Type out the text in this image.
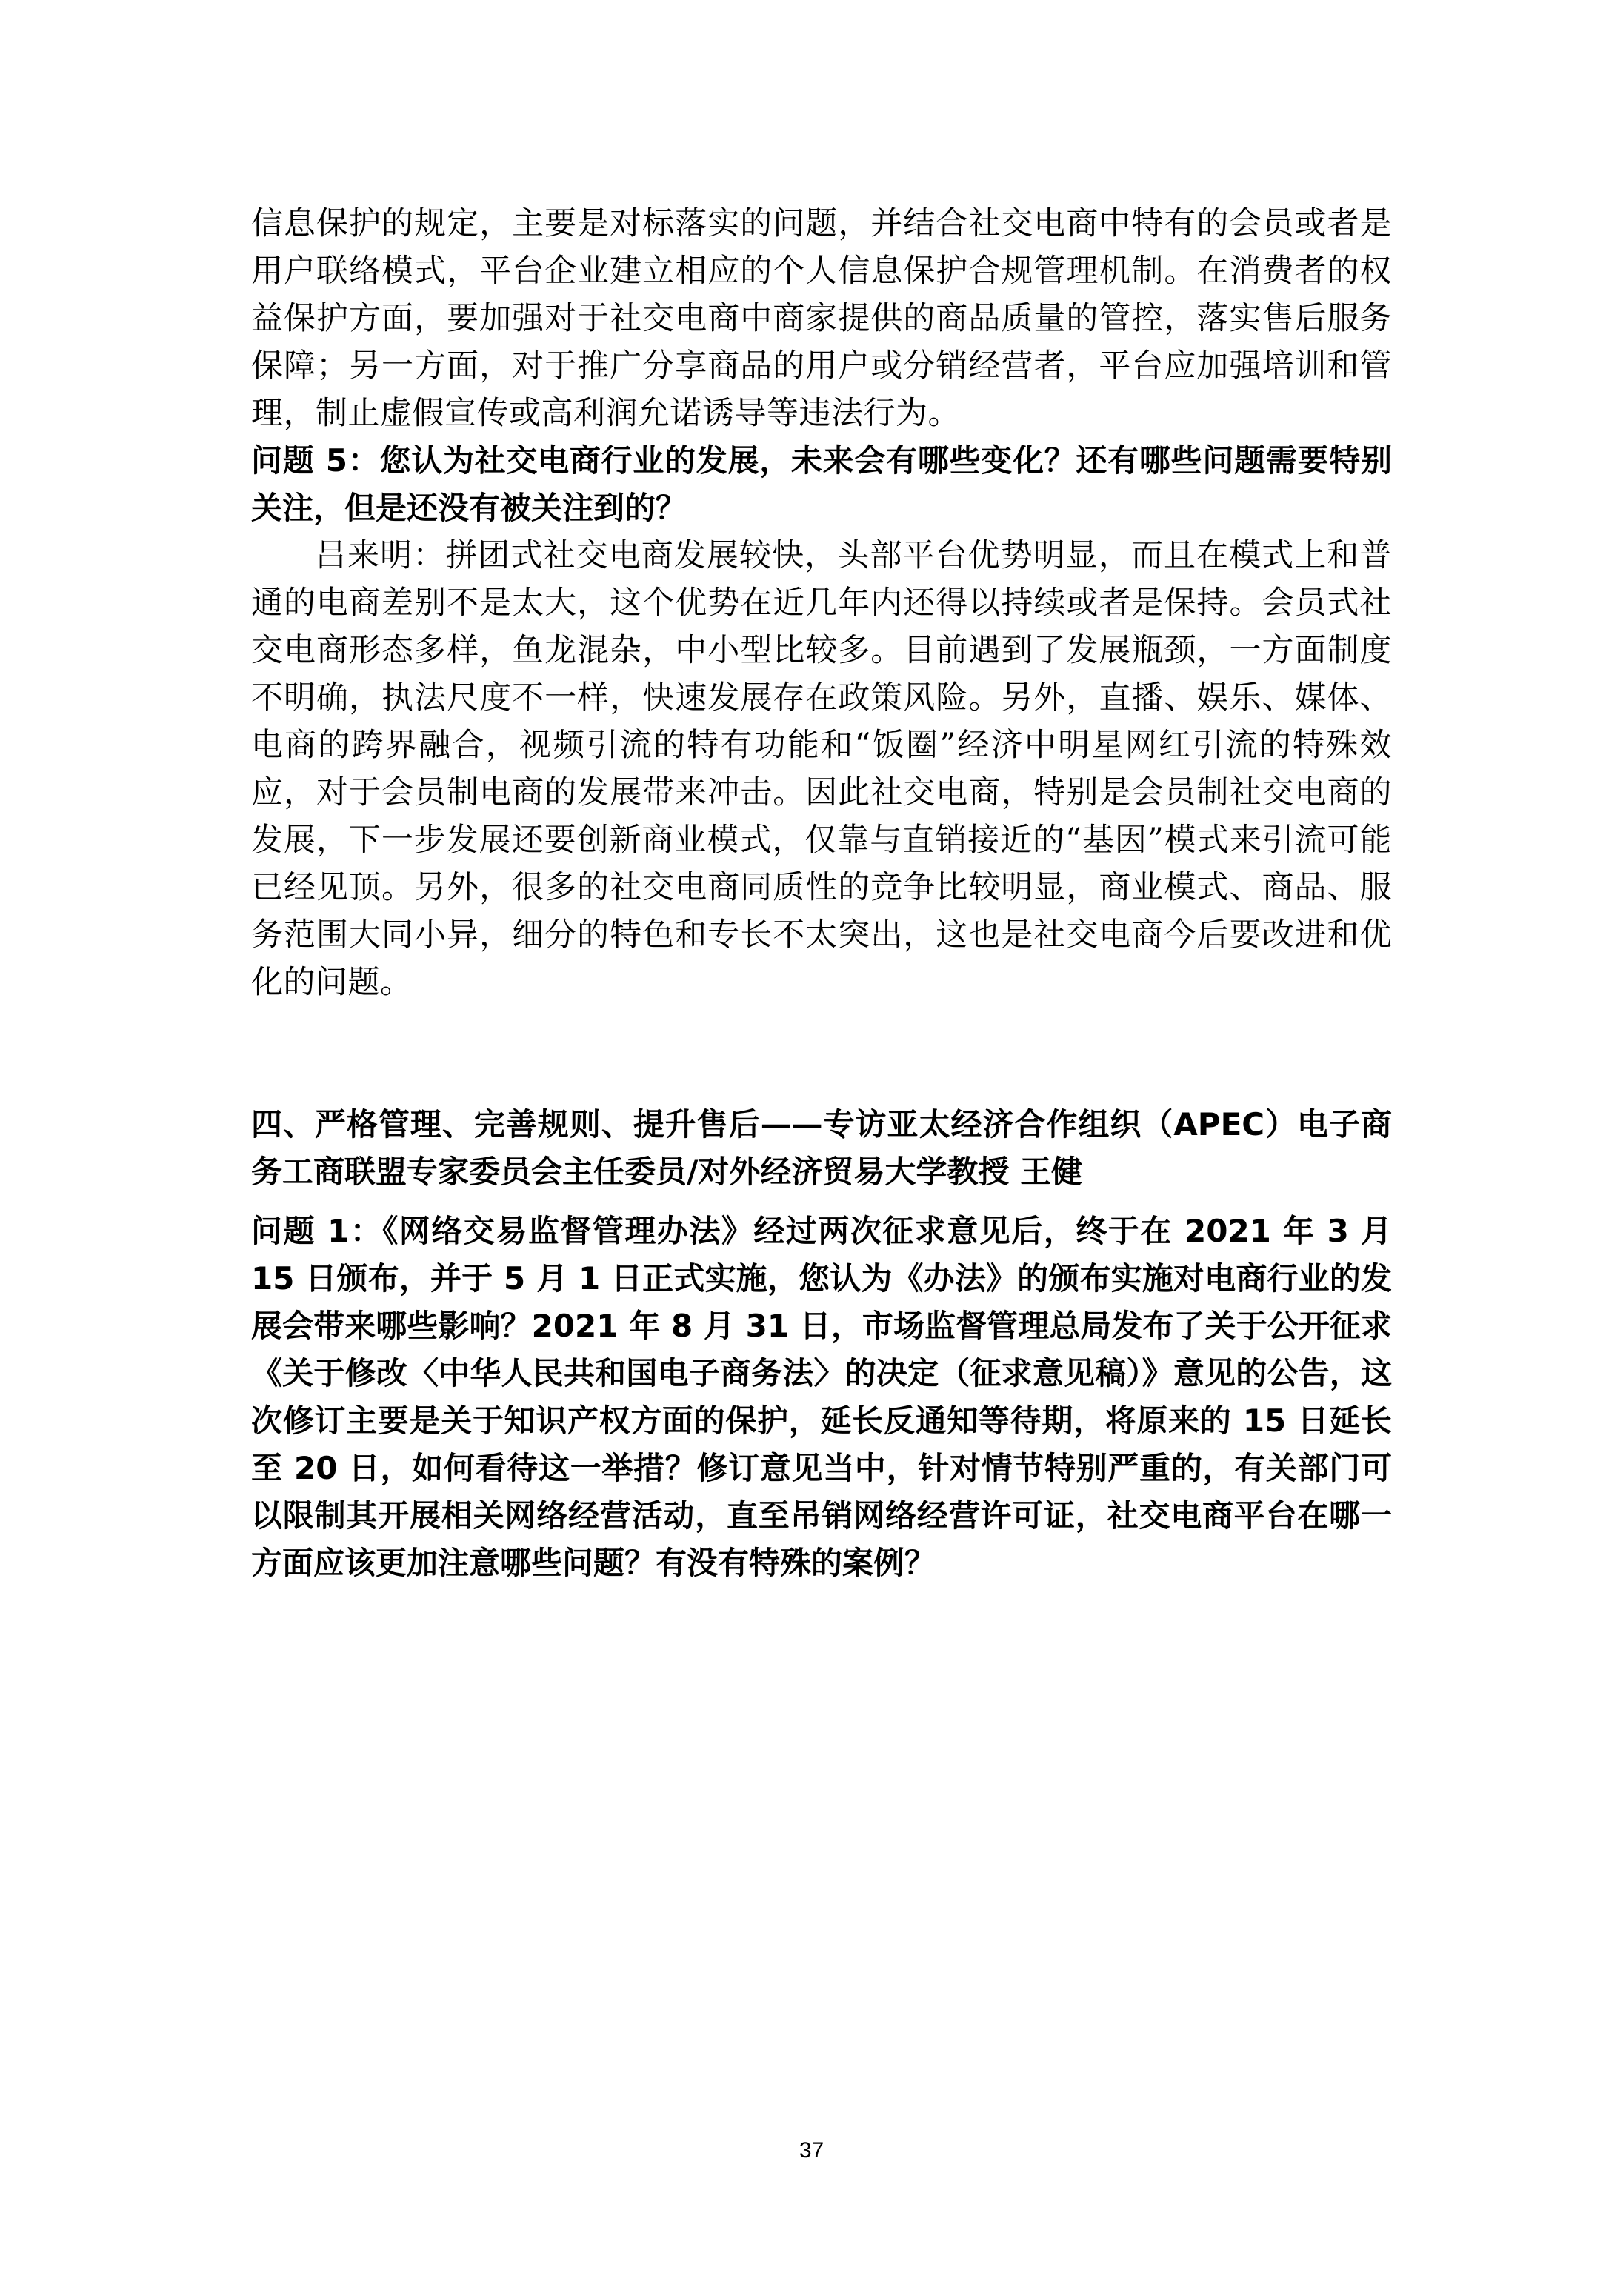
信息保护的规定，主要是对标落实的问题，并结合社交电商中特有的会员或者是用户联络模式，平台企业建立相应的个人信息保护合规管理机制。在消费者的权益保护方面，要加强对于社交电商中商家提供的商品质量的管控，落实售后服务保障；另一方面，对于推广分享商品的用户或分销经营者，平台应加强培训和管理，制止虚假宣传或高利润允诺诱导等违法行为。

问题 5：您认为社交电商行业的发展，未来会有哪些变化？还有哪些问题需要特别关注，但是还没有被关注到的？

吕来明：拼团式社交电商发展较快，头部平台优势明显，而且在模式上和普通的电商差别不是太大，这个优势在近几年内还得以持续或者是保持。会员式社交电商形态多样，鱼龙混杂，中小型比较多。目前遇到了发展瓶颈，一方面制度不明确，执法尺度不一样，快速发展存在政策风险。另外，直播、娱乐、媒体、电商的跨界融合，视频引流的特有功能和“饭圈”经济中明星网红引流的特殊效应，对于会员制电商的发展带来冲击。因此社交电商，特别是会员制社交电商的发展，下一步发展还要创新商业模式，仅靠与直销接近的“基因”模式来引流可能已经见顶。另外，很多的社交电商同质性的竞争比较明显，商业模式、商品、服务范围大同小异，细分的特色和专长不太突出，这也是社交电商今后要改进和优化的问题。

四、严格管理、完善规则、提升售后——专访亚太经济合作组织（APEC）电子商务工商联盟专家委员会主任委员/对外经济贸易大学教授 王健

问题 1：《网络交易监督管理办法》经过两次征求意见后，终于在 2021 年 3 月 15 日颁布，并于 5 月 1 日正式实施，您认为《办法》的颁布实施对电商行业的发展会带来哪些影响？2021 年 8 月 31 日，市场监督管理总局发布了关于公开征求《关于修改〈中华人民共和国电子商务法〉的决定（征求意见稿）》意见的公告，这次修订主要是关于知识产权方面的保护，延长反通知等待期，将原来的 15 日延长至 20 日，如何看待这一举措？修订意见当中，针对情节特别严重的，有关部门可以限制其开展相关网络经营活动，直至吊销网络经营许可证，社交电商平台在哪一方面应该更加注意哪些问题？有没有特殊的案例？

37
